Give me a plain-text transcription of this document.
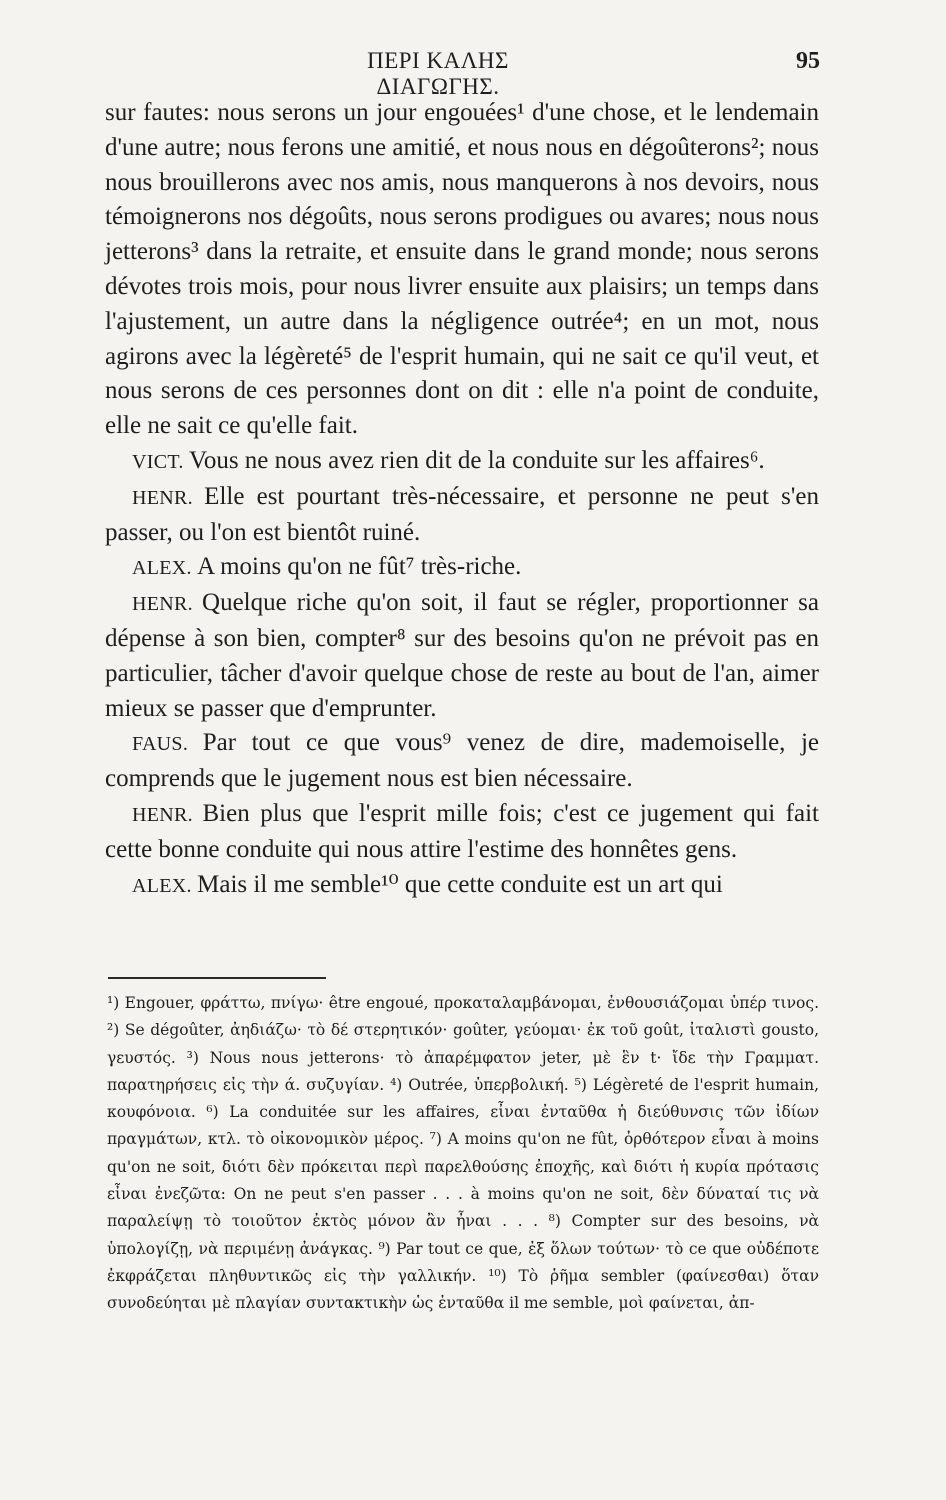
ΠΕΡΙ ΚΑΛΗΣ ΔΙΑΓΩΓΗΣ.
95

sur fautes: nous serons un jour engouées¹ d'une chose, et le lendemain d'une autre; nous ferons une amitié, et nous nous en dégoûterons²; nous nous brouillerons avec nos amis, nous manquerons à nos devoirs, nous témoignerons nos dégoûts, nous serons prodigues ou avares; nous nous jetterons³ dans la retraite, et ensuite dans le grand monde; nous serons dévotes trois mois, pour nous livrer ensuite aux plaisirs; un temps dans l'ajustement, un autre dans la négligence outrée⁴; en un mot, nous agirons avec la légèreté⁵ de l'esprit humain, qui ne sait ce qu'il veut, et nous serons de ces personnes dont on dit : elle n'a point de conduite, elle ne sait ce qu'elle fait.

VICT. Vous ne nous avez rien dit de la conduite sur les affaires⁶.

HENR. Elle est pourtant très-nécessaire, et personne ne peut s'en passer, ou l'on est bientôt ruiné.

ALEX. A moins qu'on ne fût⁷ très-riche.

HENR. Quelque riche qu'on soit, il faut se régler, proportionner sa dépense à son bien, compter⁸ sur des besoins qu'on ne prévoit pas en particulier, tâcher d'avoir quelque chose de reste au bout de l'an, aimer mieux se passer que d'emprunter.

FAUS. Par tout ce que vous⁹ venez de dire, mademoiselle, je comprends que le jugement nous est bien nécessaire.

HENR. Bien plus que l'esprit mille fois; c'est ce jugement qui fait cette bonne conduite qui nous attire l'estime des honnêtes gens.

ALEX. Mais il me semble¹⁰ que cette conduite est un art qui

¹) Engouer, φράττω, πνίγω· être engoué, προκαταλαμβάνομαι, ἐνθουσιάζομαι ὑπέρ τινος. ²) Se dégoûter, ἀηδιάζω· τὸ δέ στερητικόν· goûter, γεύομαι· ἐκ τοῦ goût, ἰταλιστὶ gousto, γευστός. ³) Nous nous jetterons· τὸ ἀπαρέμφατον jeter, μὲ ἓν t· ἴδε τὴν Γραμματ. παρατηρήσεις εἰς τὴν ά. συζυγίαν. ⁴) Outrée, ὑπερβολική. ⁵) Légèreté de l'esprit humain, κουφόνοια. ⁶) La conduitée sur les affaires, εἶναι ἐνταῦθα ἡ διεύθυνσις τῶν ἰδίων πραγμάτων, κτλ. τὸ οἰκονομικὸν μέρος. ⁷) A moins qu'on ne fût, ὀρθότερον εἶναι à moins qu'on ne soit, διότι δὲν πρόκειται περὶ παρελθούσης ἐποχῆς, καὶ διότι ἡ κυρία πρότασις εἶναι ἐνεζῶτα: On ne peut s'en passer . . . à moins qu'on ne soit, δὲν δύναταί τις νὰ παραλείψῃ τὸ τοιοῦτον ἐκτὸς μόνον ἂν ἦναι . . . ⁸) Compter sur des besoins, νὰ ὑπολογίζῃ, νὰ περιμένῃ ἀνάγκας. ⁹) Par tout ce que, ἐξ ὅλων τούτων· τὸ ce que οὐδέποτε ἐκφράζεται πληθυντικῶς εἰς τὴν γαλλικήν. ¹⁰) Τὸ ῥῆμα sembler (φαίνεσθαι) ὅταν συνοδεύηται μὲ πλαγίαν συντακτικὴν ὡς ἐνταῦθα il me semble, μοὶ φαίνεται, ἀπ-
